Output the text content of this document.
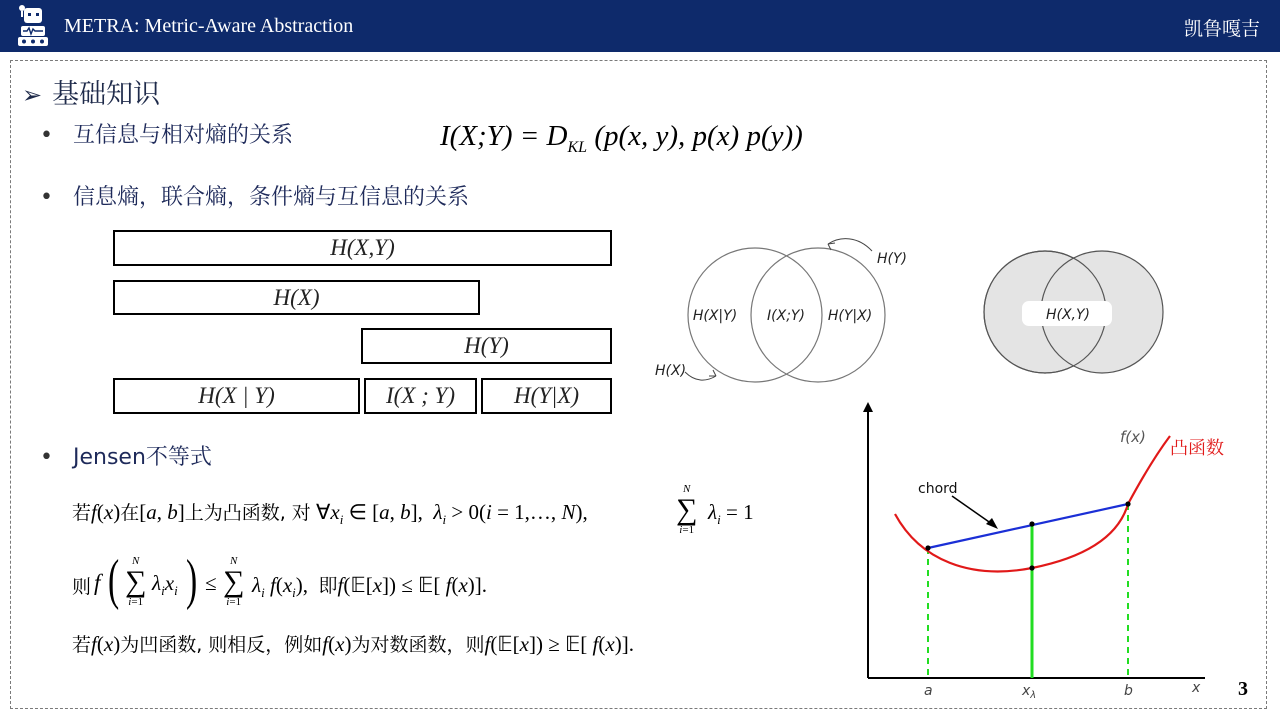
METRA: Metric-Aware Abstraction	凯鲁嘎吉
➢ 基础知识
• 互信息与相对熵的关系	I(X;Y) = $D_{KL}$ (p(x, y), p(x) p(y))
• 信息熵，联合熵，条件熵与互信息的关系
H(X,Y)
H(X)
H(Y)
H(X | Y)	I(X ; Y)	H(Y|X)
H(Y)
H(X)
H(X|Y) I(X;Y) H(Y|X)	H(X,Y)
• Jensen不等式
若f(x)在[a, b]上为凸函数, 对 $\forall x_i$ ∈ [a, b],  $\lambda_i > 0(i$ = 1,…, N),
N
∑
i=1
$\lambda_i = 1$
则 f (	N
∑
i=1
$\lambda_ix_i$ ) ≤
N
∑
i=1
$\lambda_i$ $f(x_i)$,  即f(𝔼[x]) ≤ 𝔼[ f(x)].
若f(x)为凹函数, 则相反，例如f(x)为对数函数，则f(𝔼[x]) ≥ 𝔼[ f(x)].
chord
f(x)
凸函数
a	$x_\lambda$	b	x 3
